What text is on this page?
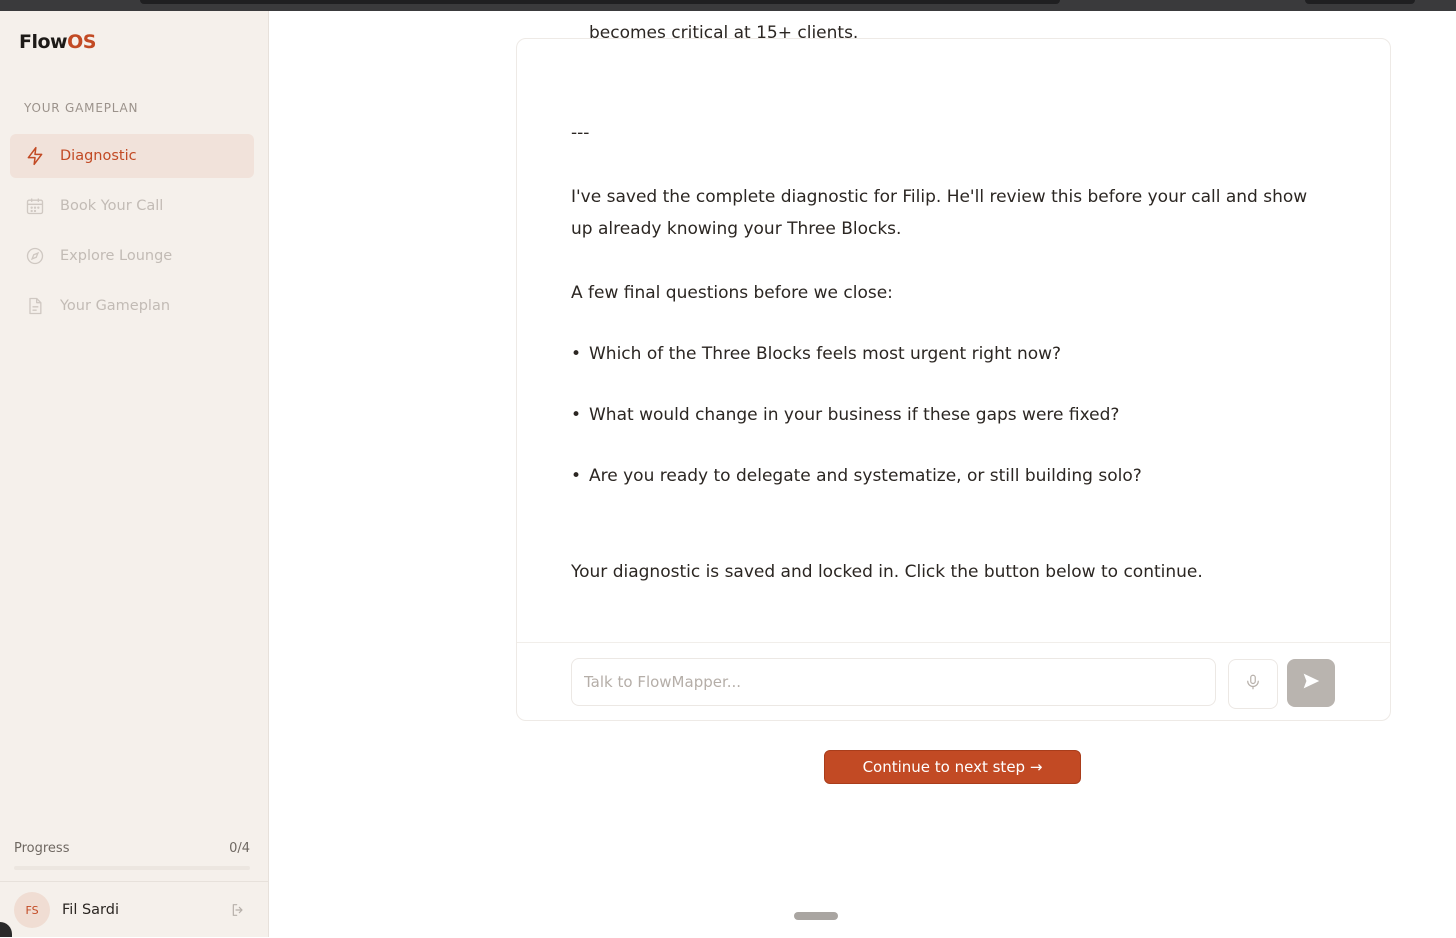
FlowOS
YOUR GAMEPLAN
Diagnostic
Book Your Call
Explore Lounge
Your Gameplan
Progress	0/4
FS	Fil Sardi
becomes critical at 15+ clients.
---
I've saved the complete diagnostic for Filip. He'll review this before your call and show up already knowing your Three Blocks.
A few final questions before we close:
• Which of the Three Blocks feels most urgent right now?
• What would change in your business if these gaps were fixed?
• Are you ready to delegate and systematize, or still building solo?
Your diagnostic is saved and locked in. Click the button below to continue.
Talk to FlowMapper...
Continue to next step →
